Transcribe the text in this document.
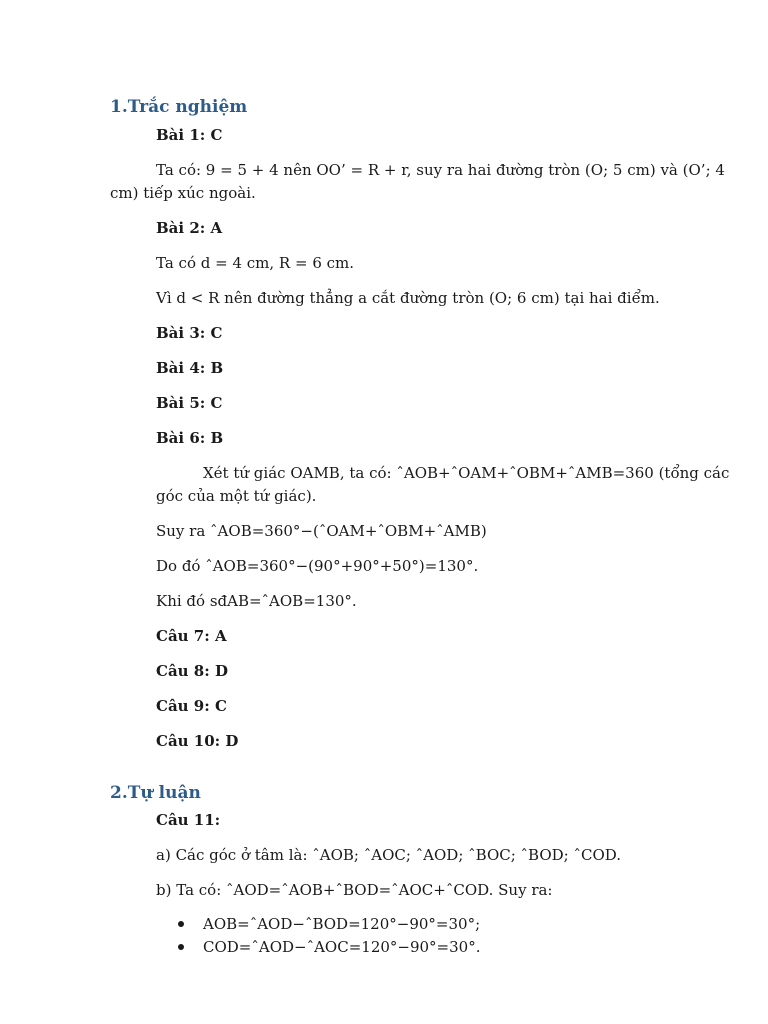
1.Trắc nghiệm

Bài 1: C

Ta có: 9 = 5 + 4 nên OO’ = R + r, suy ra hai đường tròn (O; 5 cm) và (O’; 4

cm) tiếp xúc ngoài.

Bài 2: A

Ta có d = 4 cm, R = 6 cm.

Vì d < R nên đường thẳng a cắt đường tròn (O; 6 cm) tại hai điểm.

Bài 3: C

Bài 4: B

Bài 5: C

Bài 6: B

Xét tứ giác OAMB, ta có: ˆAOB+ˆOAM+ˆOBM+ˆAMB=360 (tổng các

góc của một tứ giác).

Suy ra ˆAOB=360°−(ˆOAM+ˆOBM+ˆAMB)

Do đó ˆAOB=360°−(90°+90°+50°)=130°.

Khi đó sđAB=ˆAOB=130°.

Câu 7: A

Câu 8: D

Câu 9: C

Câu 10: D

2.Tự luận

Câu 11:

a) Các góc ở tâm là: ˆAOB; ˆAOC; ˆAOD; ˆBOC; ˆBOD; ˆCOD.

b) Ta có: ˆAOD=ˆAOB+ˆBOD=ˆAOC+ˆCOD. Suy ra:

AOB=ˆAOD−ˆBOD=120°−90°=30°;

COD=ˆAOD−ˆAOC=120°−90°=30°.
